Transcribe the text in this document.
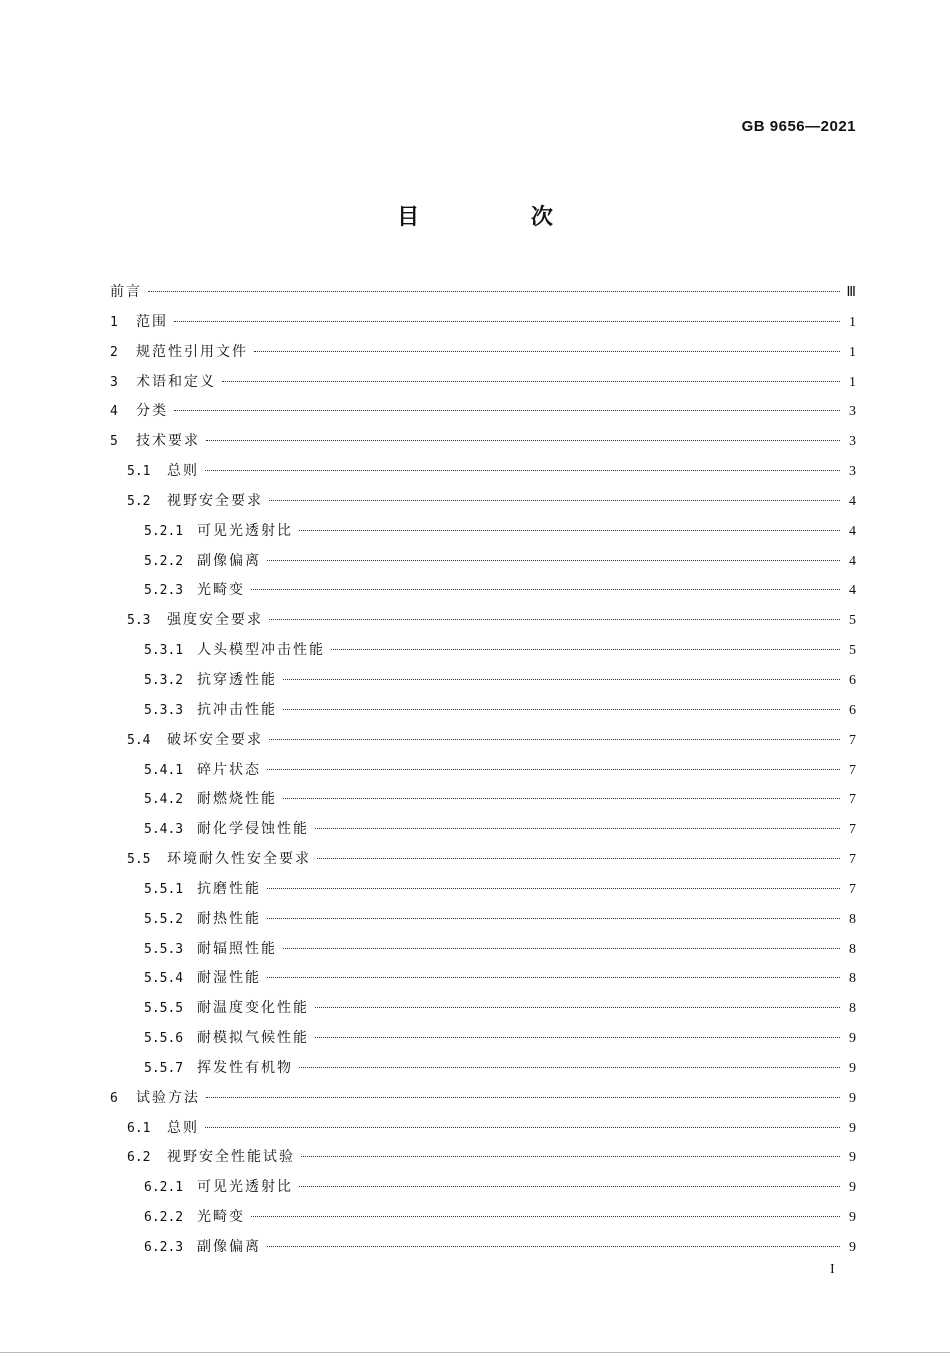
GB 9656—2021
目 次
前言	Ⅲ
1	范围	1
2	规范性引用文件	1
3	术语和定义	1
4	分类	3
5	技术要求	3
5.1	总则	3
5.2	视野安全要求	4
5.2.1 可见光透射比	4
5.2.2 副像偏离	4
5.2.3 光畸变	4
5.3	强度安全要求	5
5.3.1 人头模型冲击性能	5
5.3.2 抗穿透性能	6
5.3.3 抗冲击性能	6
5.4	破坏安全要求	7
5.4.1 碎片状态	7
5.4.2 耐燃烧性能	7
5.4.3 耐化学侵蚀性能	7
5.5	环境耐久性安全要求	7
5.5.1 抗磨性能	7
5.5.2 耐热性能	8
5.5.3 耐辐照性能	8
5.5.4 耐湿性能	8
5.5.5 耐温度变化性能	8
5.5.6 耐模拟气候性能	9
5.5.7 挥发性有机物	9
6	试验方法	9
6.1	总则	9
6.2	视野安全性能试验	9
6.2.1 可见光透射比	9
6.2.2 光畸变	9
6.2.3 副像偏离	9
I
